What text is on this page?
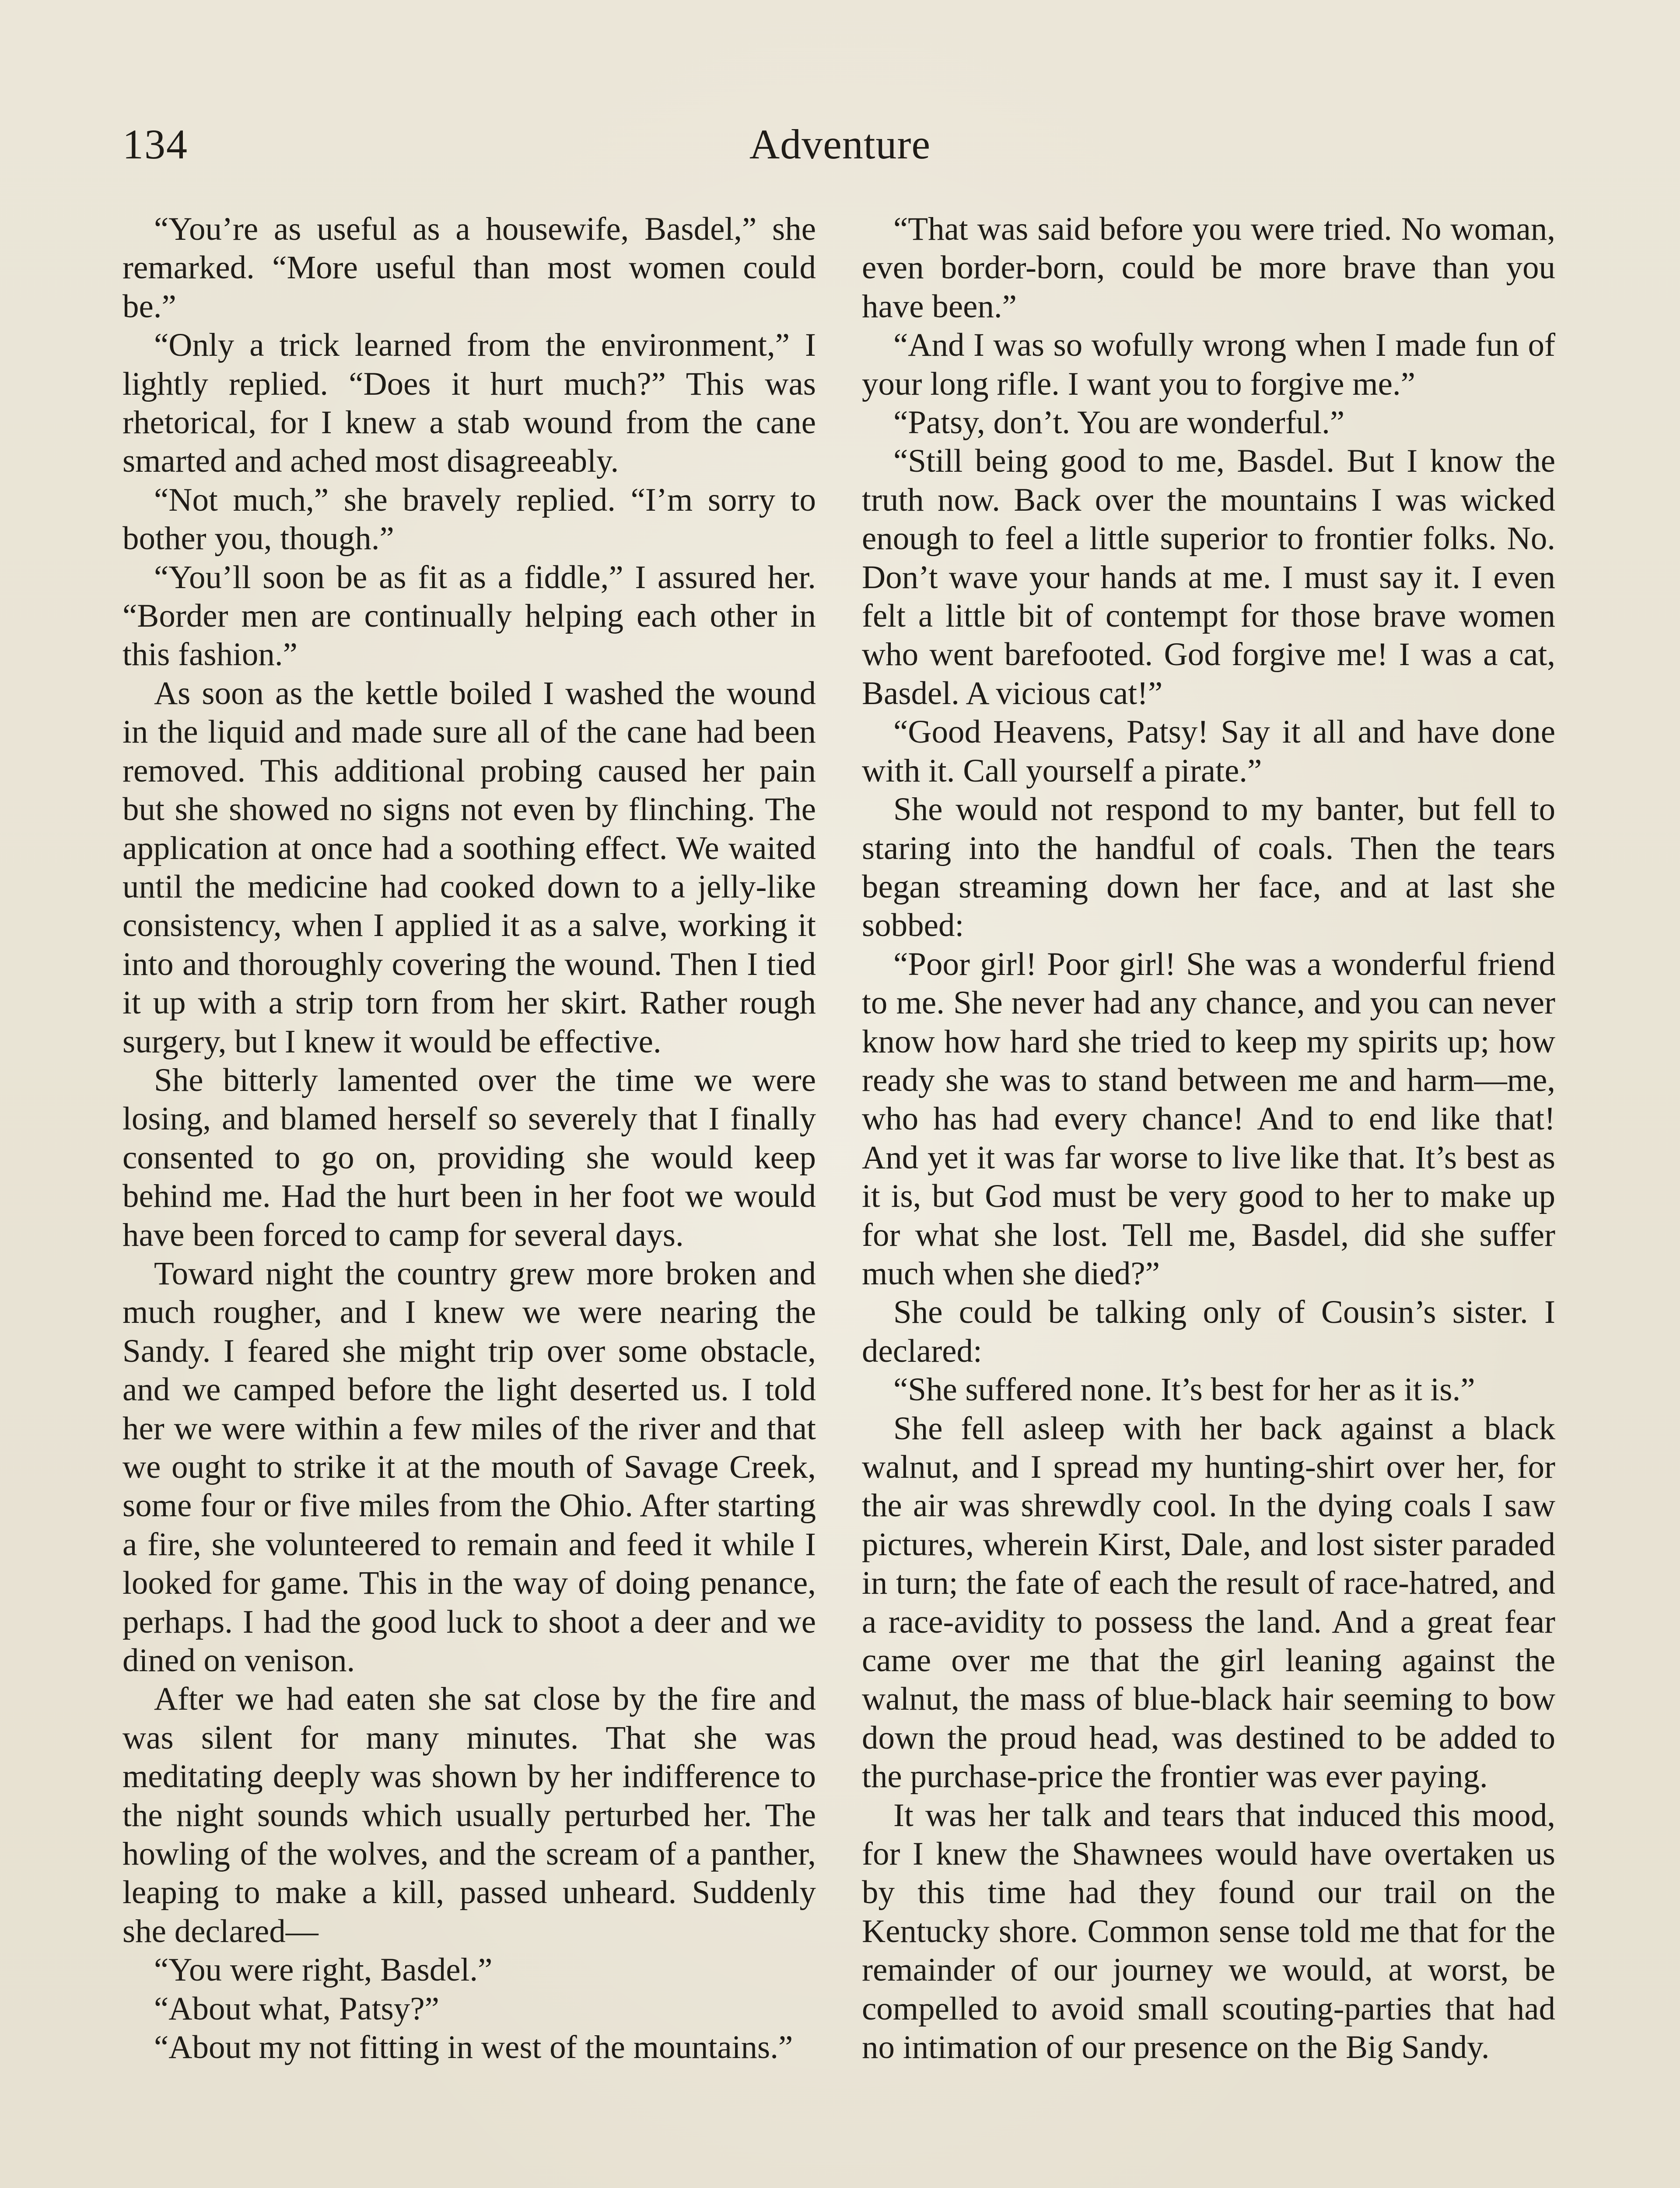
134	Adventure

“You’re as useful as a housewife, Basdel,” she remarked. “More useful than most women could be.”

“Only a trick learned from the environment,” I lightly replied. “Does it hurt much?” This was rhetorical, for I knew a stab wound from the cane smarted and ached most disagreeably.

“Not much,” she bravely replied. “I’m sorry to bother you, though.”

“You’ll soon be as fit as a fiddle,” I assured her. “Border men are continually helping each other in this fashion.”

As soon as the kettle boiled I washed the wound in the liquid and made sure all of the cane had been removed. This additional probing caused her pain but she showed no signs not even by flinching. The application at once had a soothing effect. We waited until the medicine had cooked down to a jelly-like consistency, when I applied it as a salve, working it into and thoroughly covering the wound. Then I tied it up with a strip torn from her skirt. Rather rough surgery, but I knew it would be effective.

She bitterly lamented over the time we were losing, and blamed herself so severely that I finally consented to go on, providing she would keep behind me. Had the hurt been in her foot we would have been forced to camp for several days.

Toward night the country grew more broken and much rougher, and I knew we were nearing the Sandy. I feared she might trip over some obstacle, and we camped before the light deserted us. I told her we were within a few miles of the river and that we ought to strike it at the mouth of Savage Creek, some four or five miles from the Ohio. After starting a fire, she volunteered to remain and feed it while I looked for game. This in the way of doing penance, perhaps. I had the good luck to shoot a deer and we dined on venison.

After we had eaten she sat close by the fire and was silent for many minutes. That she was meditating deeply was shown by her indifference to the night sounds which usually perturbed her. The howling of the wolves, and the scream of a panther, leaping to make a kill, passed unheard. Suddenly she declared—

“You were right, Basdel.”

“About what, Patsy?”

“About my not fitting in west of the mountains.”

“That was said before you were tried. No woman, even border-born, could be more brave than you have been.”

“And I was so wofully wrong when I made fun of your long rifle. I want you to forgive me.”

“Patsy, don’t. You are wonderful.”

“Still being good to me, Basdel. But I know the truth now. Back over the mountains I was wicked enough to feel a little superior to frontier folks. No. Don’t wave your hands at me. I must say it. I even felt a little bit of contempt for those brave women who went barefooted. God forgive me! I was a cat, Basdel. A vicious cat!”

“Good Heavens, Patsy! Say it all and have done with it. Call yourself a pirate.”

She would not respond to my banter, but fell to staring into the handful of coals. Then the tears began streaming down her face, and at last she sobbed:

“Poor girl! Poor girl! She was a wonderful friend to me. She never had any chance, and you can never know how hard she tried to keep my spirits up; how ready she was to stand between me and harm—me, who has had every chance! And to end like that! And yet it was far worse to live like that. It’s best as it is, but God must be very good to her to make up for what she lost. Tell me, Basdel, did she suffer much when she died?”

She could be talking only of Cousin’s sister. I declared:

“She suffered none. It’s best for her as it is.”

She fell asleep with her back against a black walnut, and I spread my hunting-shirt over her, for the air was shrewdly cool. In the dying coals I saw pictures, wherein Kirst, Dale, and lost sister paraded in turn; the fate of each the result of race-hatred, and a race-avidity to possess the land. And a great fear came over me that the girl leaning against the walnut, the mass of blue-black hair seeming to bow down the proud head, was destined to be added to the purchase-price the frontier was ever paying.

It was her talk and tears that induced this mood, for I knew the Shawnees would have overtaken us by this time had they found our trail on the Kentucky shore. Common sense told me that for the remainder of our journey we would, at worst, be compelled to avoid small scouting-parties that had no intimation of our presence on the Big Sandy.
